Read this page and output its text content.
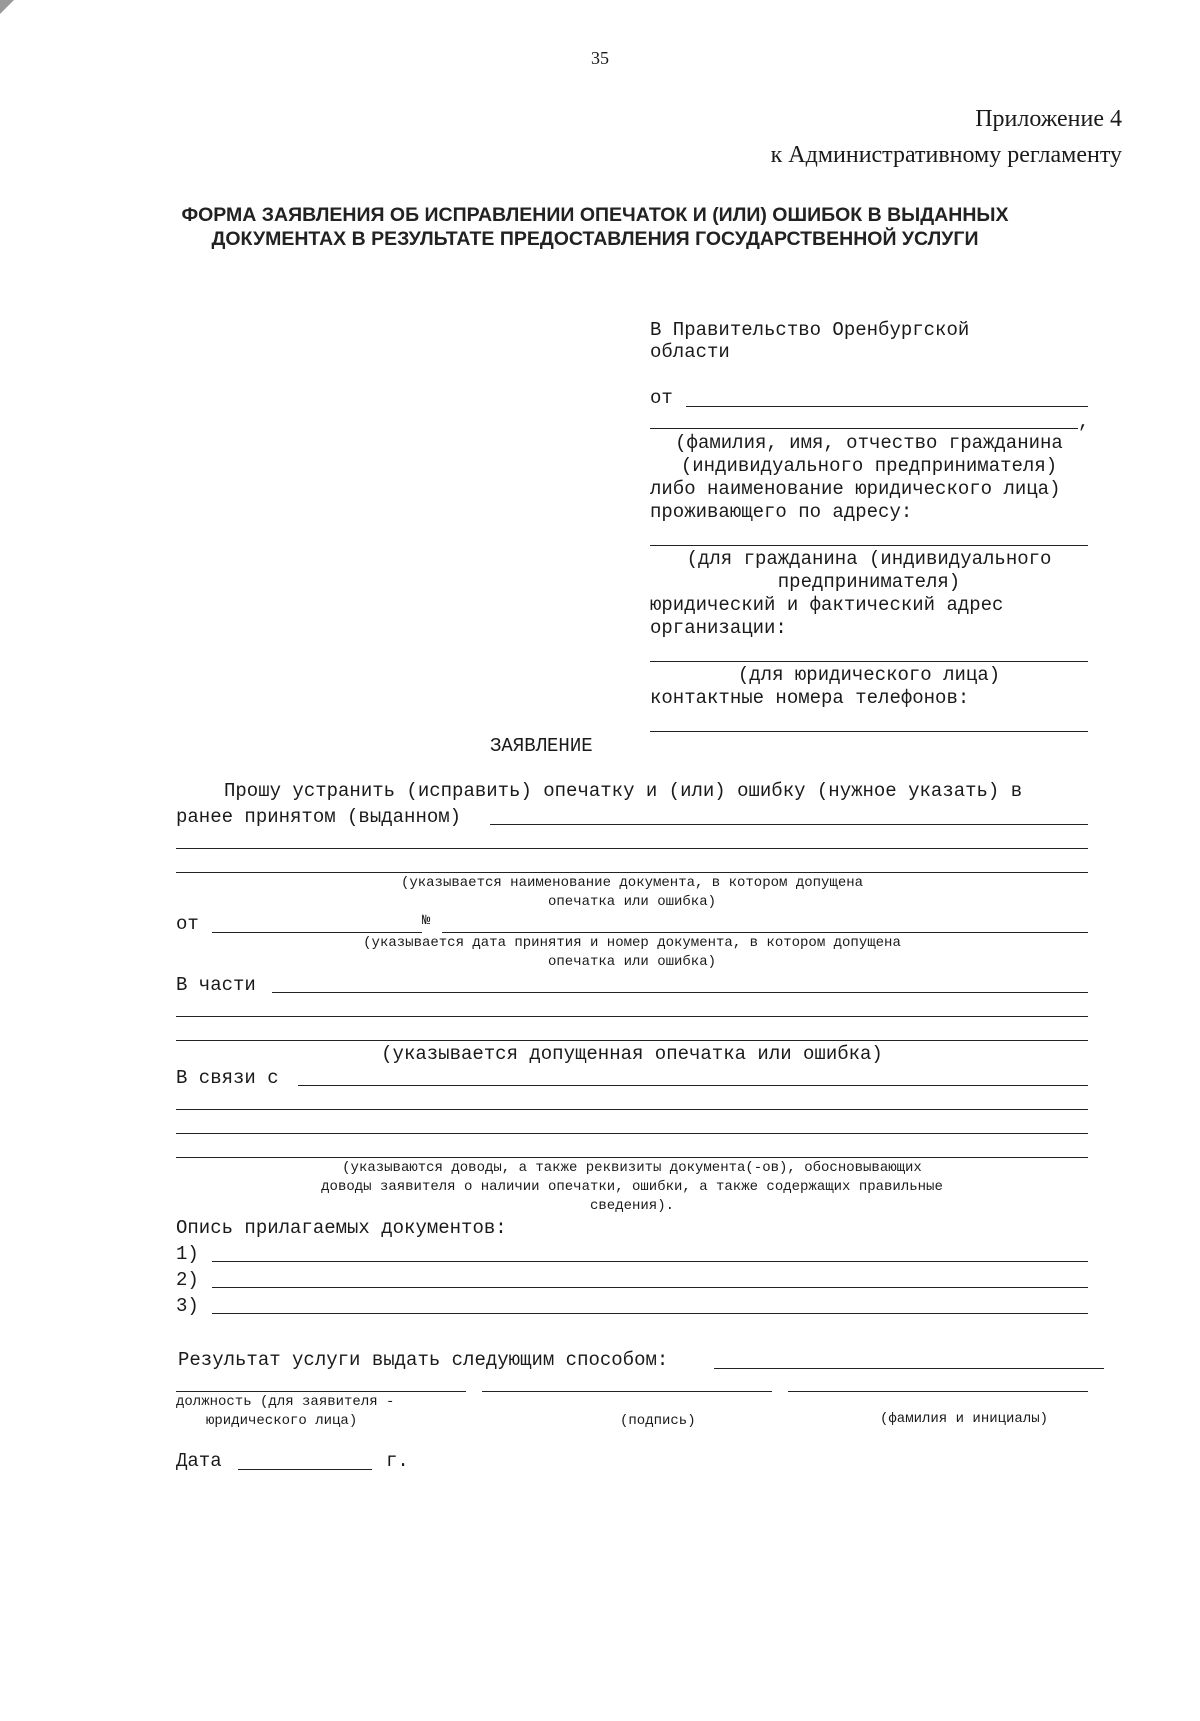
35
Приложение 4
к Административному регламенту
ФОРМА ЗАЯВЛЕНИЯ ОБ ИСПРАВЛЕНИИ ОПЕЧАТОК И (ИЛИ) ОШИБОК В ВЫДАННЫХ
ДОКУМЕНТАХ В РЕЗУЛЬТАТЕ ПРЕДОСТАВЛЕНИЯ ГОСУДАРСТВЕННОЙ УСЛУГИ
В Правительство Оренбургской
области
от
,
(фамилия, имя, отчество гражданина
(индивидуального предпринимателя)
либо наименование юридического лица)
проживающего по адресу:
(для гражданина (индивидуального
предпринимателя)
юридический и фактический адрес
организации:
(для юридического лица)
контактные номера телефонов:
ЗАЯВЛЕНИЕ
Прошу устранить (исправить) опечатку и (или) ошибку (нужное указать) в
ранее принятом (выданном)
(указывается наименование документа, в котором допущена
опечатка или ошибка)
от	№
(указывается дата принятия и номер документа, в котором допущена
опечатка или ошибка)
В части
(указывается допущенная опечатка или ошибка)
В связи с
(указываются доводы, а также реквизиты документа(-ов), обосновывающих
доводы заявителя о наличии опечатки, ошибки, а также содержащих правильные
сведения).
Опись прилагаемых документов:
1)
2)
3)
Результат услуги выдать следующим способом:
должность (для заявителя -
юридического лица)	(подпись)	(фамилия и инициалы)
Дата	г.
